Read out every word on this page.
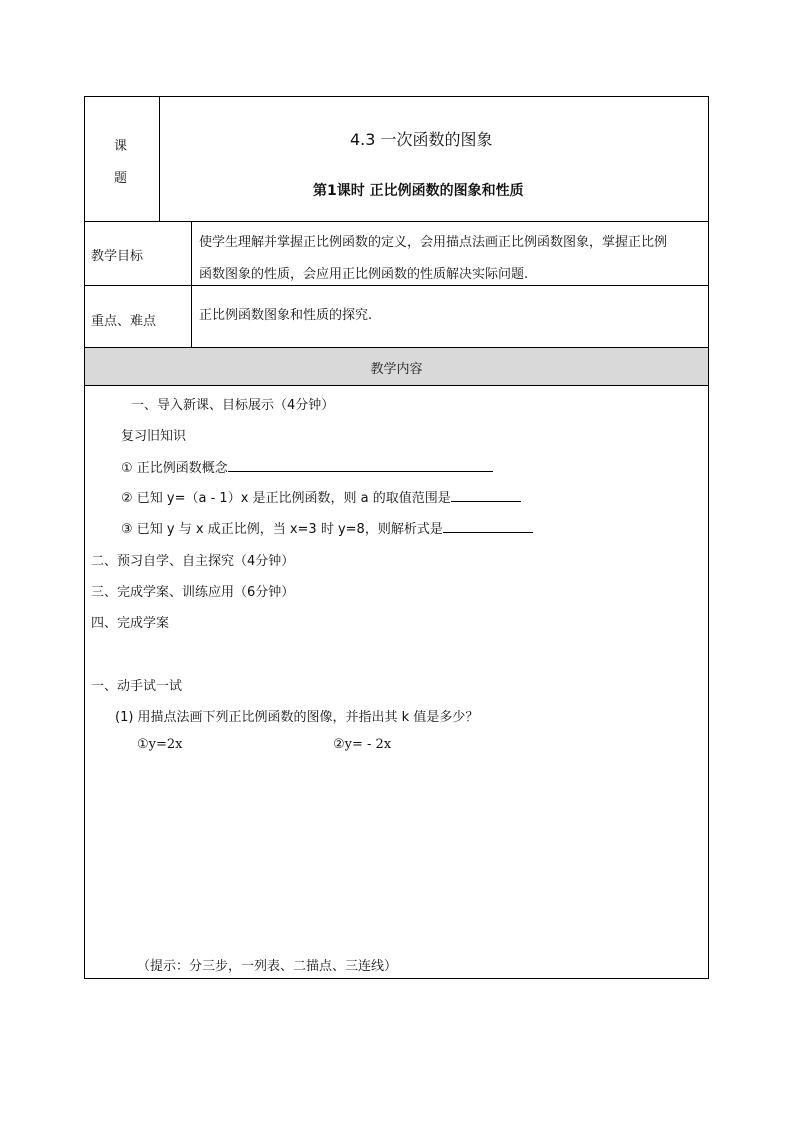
课
题
4.3 一次函数的图象
第1课时 正比例函数的图象和性质
教学目标
使学生理解并掌握正比例函数的定义，会用描点法画正比例函数图象，掌握正比例
函数图象的性质，会应用正比例函数的性质解决实际问题.
重点、难点	正比例函数图象和性质的探究.
教学内容
一、导入新课、目标展示（4分钟）
复习旧知识
① 正比例函数概念
② 已知 y=（a - 1）x 是正比例函数，则 a 的取值范围是
③ 已知 y 与 x 成正比例，当 x=3 时 y=8，则解析式是
二、预习自学、自主探究（4分钟）
三、完成学案、训练应用（6分钟）
四、完成学案
一、动手试一试
(1) 用描点法画下列正比例函数的图像，并指出其 k 值是多少？
①y=2x	②y= - 2x
（提示：分三步，一列表、二描点、三连线）
